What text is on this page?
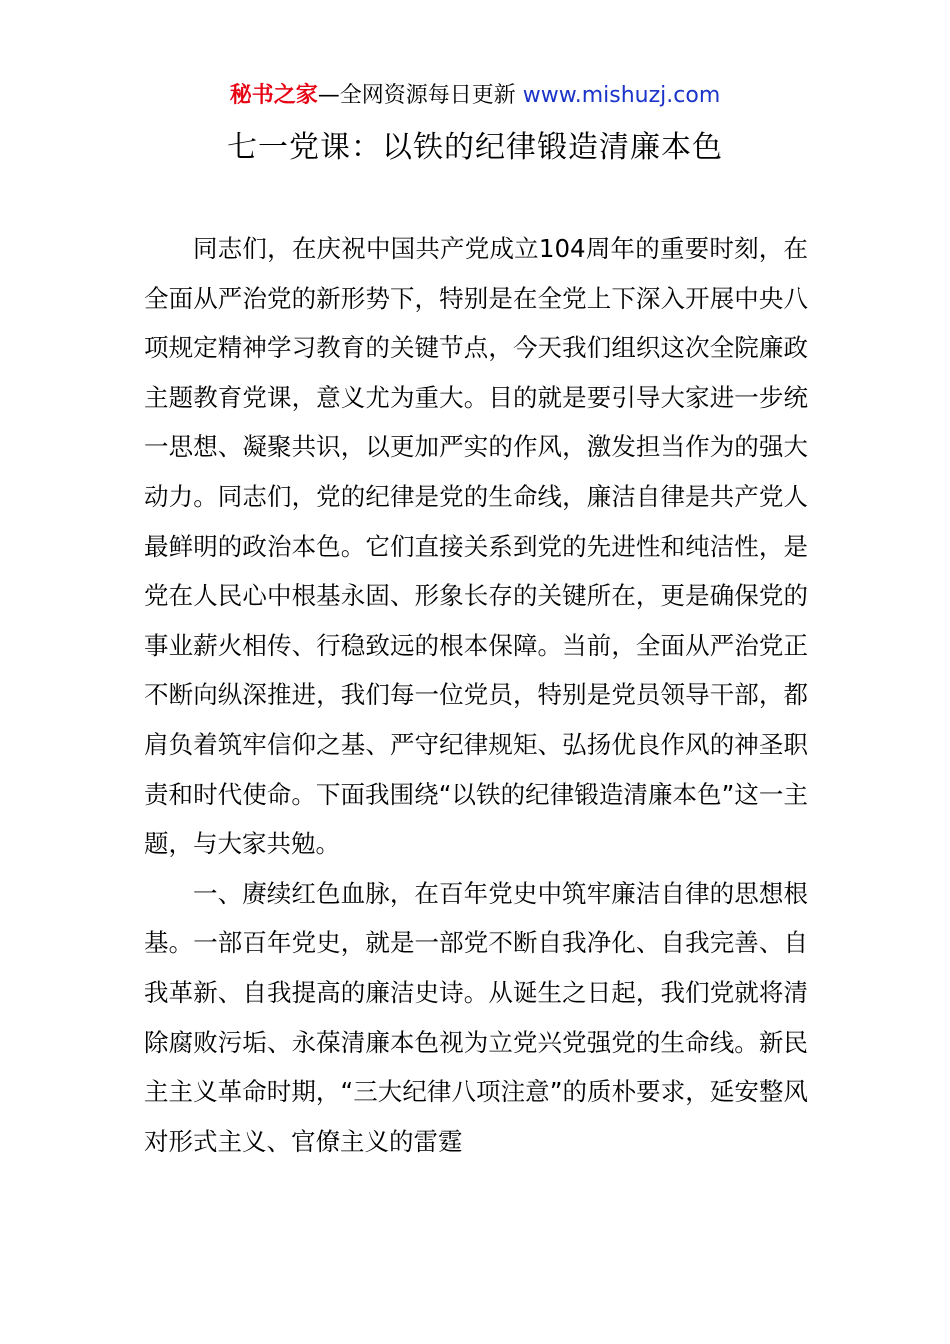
秘书之家—全网资源每日更新 www.mishuzj.com
七一党课：以铁的纪律锻造清廉本色

同志们，在庆祝中国共产党成立104周年的重要时刻，在全面从严治党的新形势下，特别是在全党上下深入开展中央八项规定精神学习教育的关键节点，今天我们组织这次全院廉政主题教育党课，意义尤为重大。目的就是要引导大家进一步统一思想、凝聚共识，以更加严实的作风，激发担当作为的强大动力。同志们，党的纪律是党的生命线，廉洁自律是共产党人最鲜明的政治本色。它们直接关系到党的先进性和纯洁性，是党在人民心中根基永固、形象长存的关键所在，更是确保党的事业薪火相传、行稳致远的根本保障。当前，全面从严治党正不断向纵深推进，我们每一位党员，特别是党员领导干部，都肩负着筑牢信仰之基、严守纪律规矩、弘扬优良作风的神圣职责和时代使命。下面我围绕“以铁的纪律锻造清廉本色”这一主题，与大家共勉。

一、赓续红色血脉，在百年党史中筑牢廉洁自律的思想根基。一部百年党史，就是一部党不断自我净化、自我完善、自我革新、自我提高的廉洁史诗。从诞生之日起，我们党就将清除腐败污垢、永葆清廉本色视为立党兴党强党的生命线。新民主主义革命时期，“三大纪律八项注意”的质朴要求，延安整风对形式主义、官僚主义的雷霆
